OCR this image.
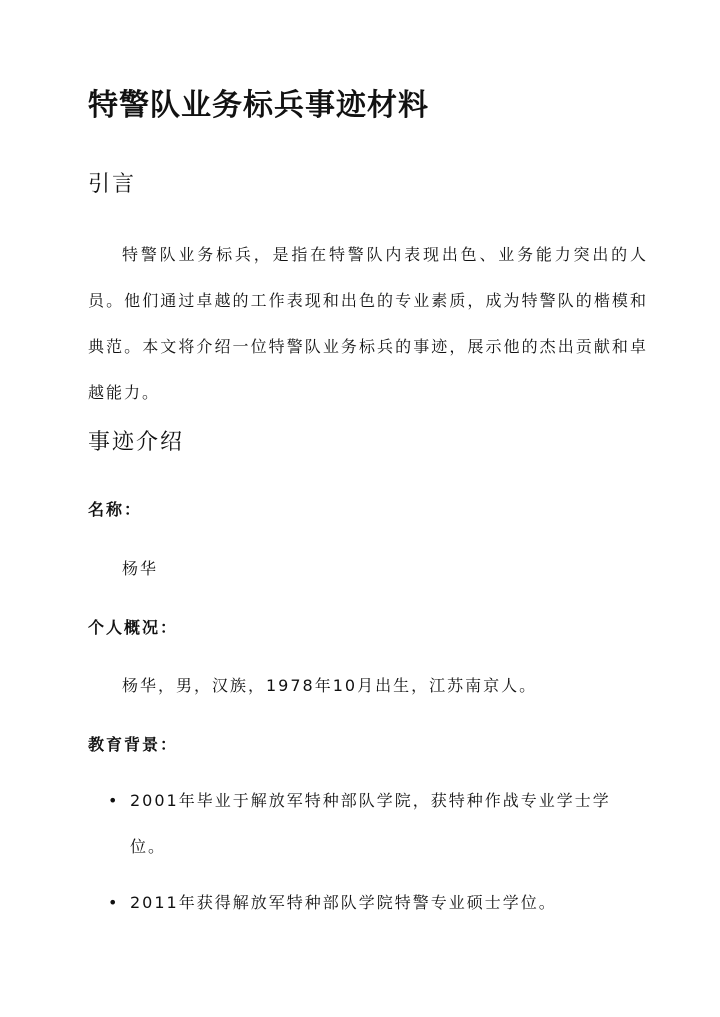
特警队业务标兵事迹材料
引言

特警队业务标兵，是指在特警队内表现出色、业务能力突出的人员。他们通过卓越的工作表现和出色的专业素质，成为特警队的楷模和典范。本文将介绍一位特警队业务标兵的事迹，展示他的杰出贡献和卓越能力。

事迹介绍
名称：

杨华

个人概况：

杨华，男，汉族，1978年10月出生，江苏南京人。

教育背景：
• 2001年毕业于解放军特种部队学院，获特种作战专业学士学位。
• 2011年获得解放军特种部队学院特警专业硕士学位。
